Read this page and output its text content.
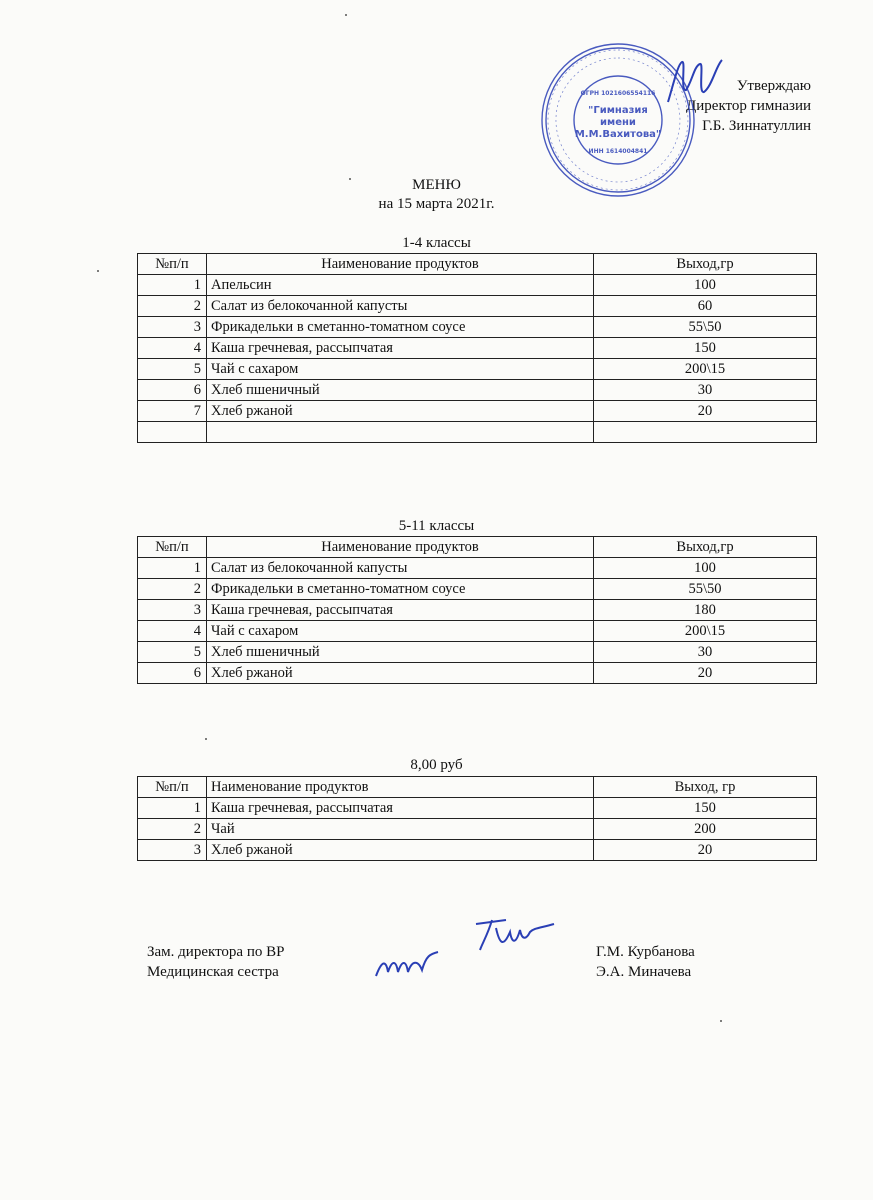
Утверждаю
Директор гимназии
Г.Б. Зиннатуллин
"Гимназия
имени
М.М.Вахитова"
ОГРН 1021606554116
ИНН 1614004841
МЕНЮ
на 15 марта 2021г.
1-4 классы
№п/п	Наименование продуктов	Выход,гр
1	Апельсин	100
2	Салат из белокочанной капусты	60
3	Фрикадельки в сметанно-томатном соусе	55\50
4	Каша гречневая, рассыпчатая	150
5	Чай с сахаром	200\15
6	Хлеб пшеничный	30
7	Хлеб ржаной	20

5-11 классы
№п/п	Наименование продуктов	Выход,гр
1	Салат из белокочанной капусты	100
2	Фрикадельки в сметанно-томатном соусе	55\50
3	Каша гречневая, рассыпчатая	180
4	Чай с сахаром	200\15
5	Хлеб пшеничный	30
6	Хлеб ржаной	20
8,00 руб
№п/п	Наименование продуктов	Выход, гр
1	Каша гречневая, рассыпчатая	150
2	Чай	200
3	Хлеб ржаной	20
Зам. директора по ВР
Медицинская сестра
Г.М. Курбанова
Э.А. Миначева
